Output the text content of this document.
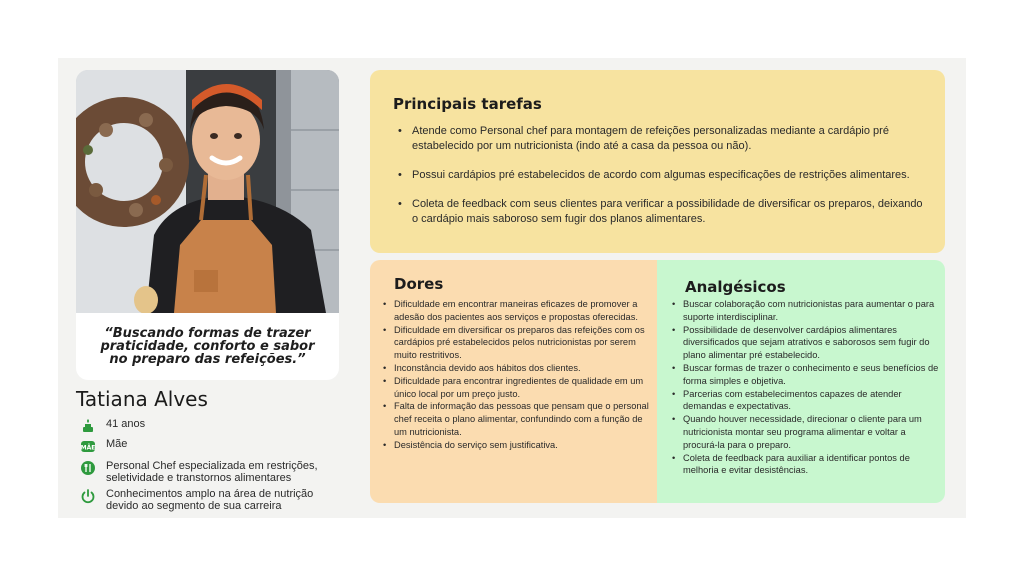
“Buscando formas de trazer praticidade, conforto e sabor no preparo das refeições.”
Tatiana Alves
41 anos
MÃE Mãe
Personal Chef especializada em restrições, seletividade e transtornos alimentares
Conhecimentos amplo na área de nutrição devido ao segmento de sua carreira
Principais tarefas
• Atende como Personal chef para montagem de refeições personalizadas mediante a cardápio pré estabelecido por um nutricionista (indo até a casa da pessoa ou não).
• Possui cardápios pré estabelecidos de acordo com algumas especificações de restrições alimentares.
• Coleta de feedback com seus clientes para verificar a possibilidade de diversificar os preparos, deixando o cardápio mais saboroso sem fugir dos planos alimentares.
Dores
• Dificuldade em encontrar maneiras eficazes de promover a adesão dos pacientes aos serviços e propostas oferecidas.
• Dificuldade em diversificar os preparos das refeições com os cardápios pré estabelecidos pelos nutricionistas por serem muito restritivos.
• Inconstância devido aos hábitos dos clientes.
• Dificuldade para encontrar ingredientes de qualidade em um único local por um preço justo.
• Falta de informação das pessoas que pensam que o personal chef receita o plano alimentar, confundindo com a função de um nutricionista.
• Desistência do serviço sem justificativa.
Analgésicos
• Buscar colaboração com nutricionistas para aumentar o para suporte interdisciplinar.
• Possibilidade de desenvolver cardápios alimentares diversificados que sejam atrativos e saborosos sem fugir do plano alimentar pré estabelecido.
• Buscar formas de trazer o conhecimento e seus benefícios de forma simples e objetiva.
• Parcerias com estabelecimentos capazes de atender demandas e expectativas.
• Quando houver necessidade, direcionar o cliente para um nutricionista montar seu programa alimentar e voltar a procurá-la para o preparo.
• Coleta de feedback para auxiliar a identificar pontos de melhoria e evitar desistências.
